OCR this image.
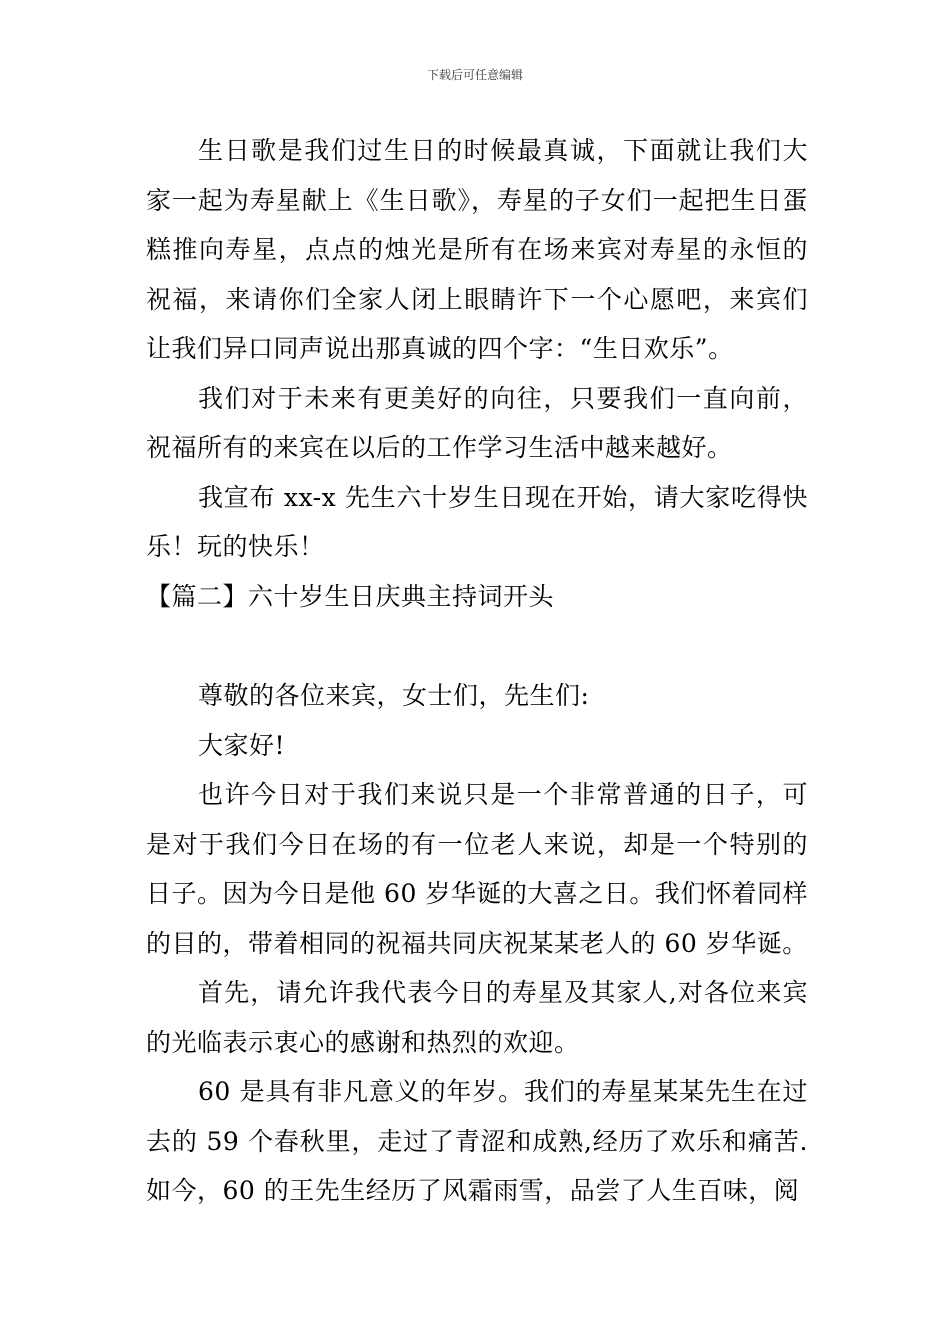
下载后可任意编辑

生日歌是我们过生日的时候最真诚，下面就让我们大家一起为寿星献上《生日歌》，寿星的子女们一起把生日蛋糕推向寿星，点点的烛光是所有在场来宾对寿星的永恒的祝福，来请你们全家人闭上眼睛许下一个心愿吧，来宾们让我们异口同声说出那真诚的四个字：“生日欢乐”。

我们对于未来有更美好的向往，只要我们一直向前，祝福所有的来宾在以后的工作学习生活中越来越好。

我宣布 xx-x 先生六十岁生日现在开始，请大家吃得快乐！玩的快乐！

【篇二】六十岁生日庆典主持词开头

尊敬的各位来宾，女士们，先生们:

大家好!

也许今日对于我们来说只是一个非常普通的日子，可是对于我们今日在场的有一位老人来说，却是一个特别的日子。因为今日是他 60 岁华诞的大喜之日。我们怀着同样的目的，带着相同的祝福共同庆祝某某老人的 60 岁华诞。

首先，请允许我代表今日的寿星及其家人,对各位来宾的光临表示衷心的感谢和热烈的欢迎。

60 是具有非凡意义的年岁。我们的寿星某某先生在过去的 59 个春秋里，走过了青涩和成熟,经历了欢乐和痛苦.如今，60 的王先生经历了风霜雨雪，品尝了人生百味，阅
